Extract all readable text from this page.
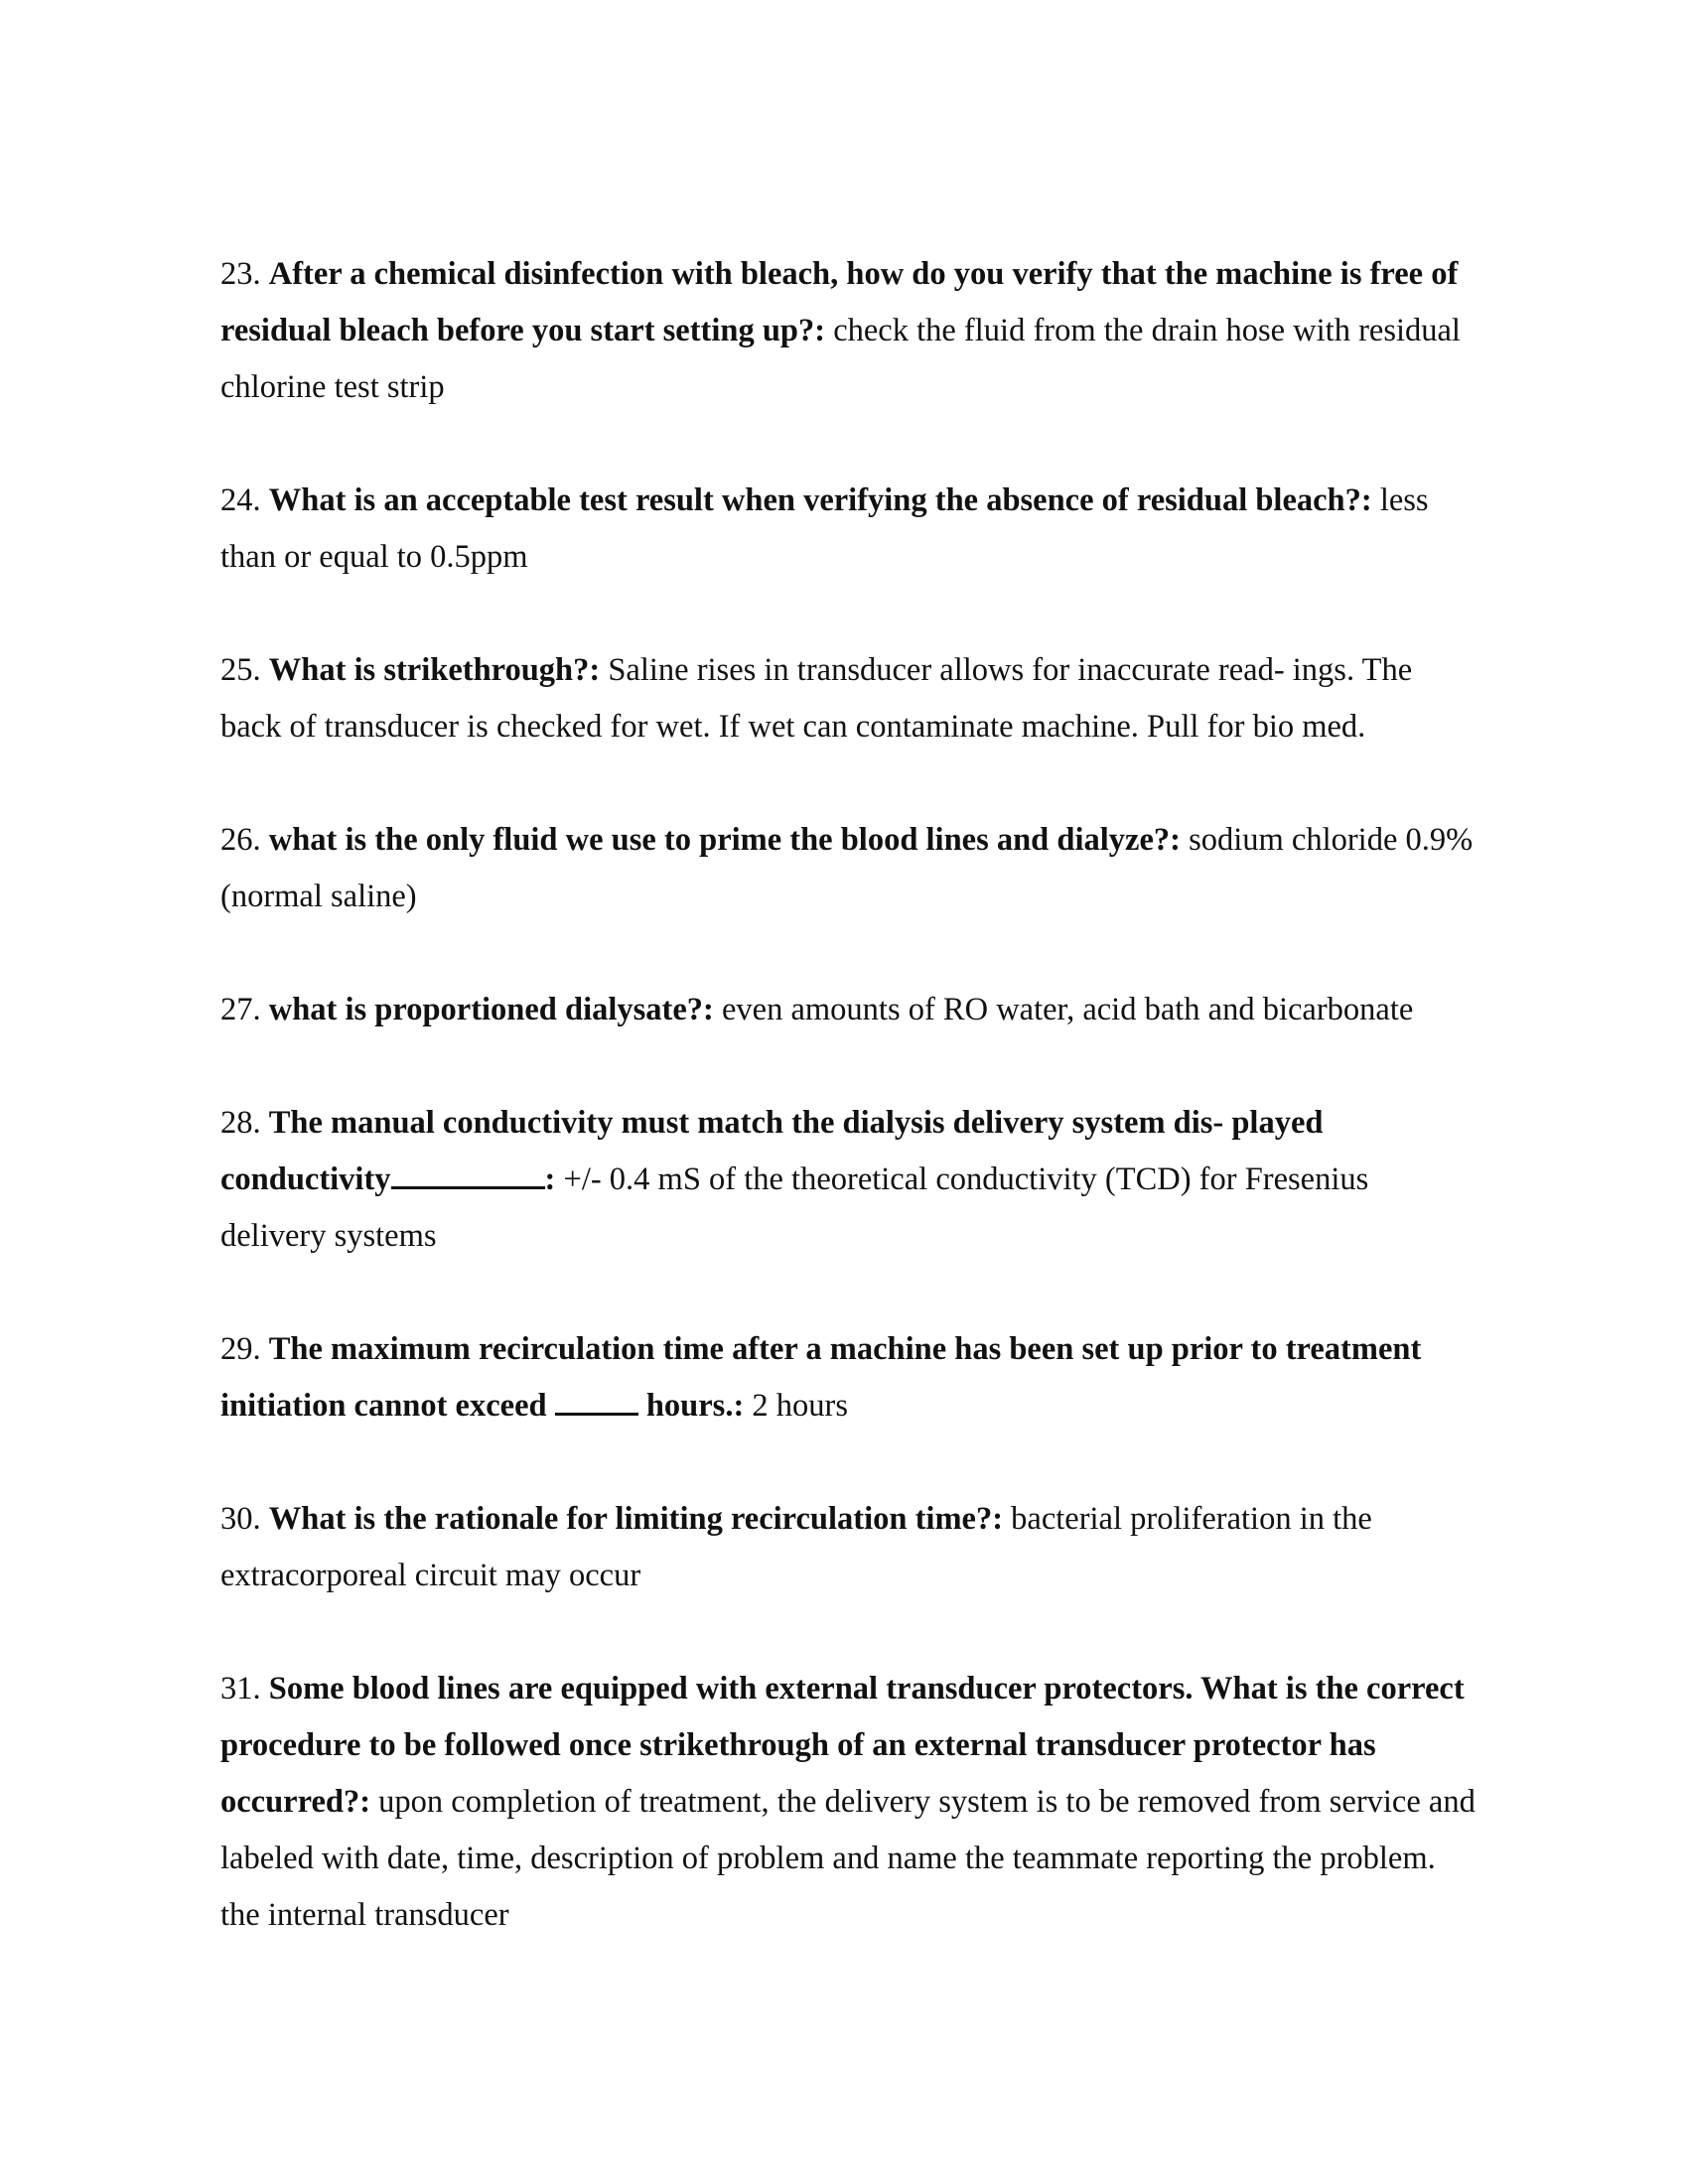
23. After a chemical disinfection with bleach, how do you verify that the machine is free of residual bleach before you start setting up?: check the fluid from the drain hose with residual chlorine test strip

24. What is an acceptable test result when verifying the absence of residual bleach?: less than or equal to 0.5ppm

25. What is strikethrough?: Saline rises in transducer allows for inaccurate read- ings. The back of transducer is checked for wet. If wet can contaminate machine. Pull for bio med.

26. what is the only fluid we use to prime the blood lines and dialyze?: sodium chloride 0.9% (normal saline)

27. what is proportioned dialysate?: even amounts of RO water, acid bath and bicarbonate

28. The manual conductivity must match the dialysis delivery system dis- played conductivity	: +/- 0.4 mS of the theoretical conductivity (TCD) for Fresenius delivery systems

29. The maximum recirculation time after a machine has been set up prior to treatment initiation cannot exceed	hours.: 2 hours

30. What is the rationale for limiting recirculation time?: bacterial proliferation in the extracorporeal circuit may occur

31. Some blood lines are equipped with external transducer protectors. What is the correct procedure to be followed once strikethrough of an external transducer protector has occurred?: upon completion of treatment, the delivery system is to be removed from service and labeled with date, time, description of problem and name the teammate reporting the problem. the internal transducer
